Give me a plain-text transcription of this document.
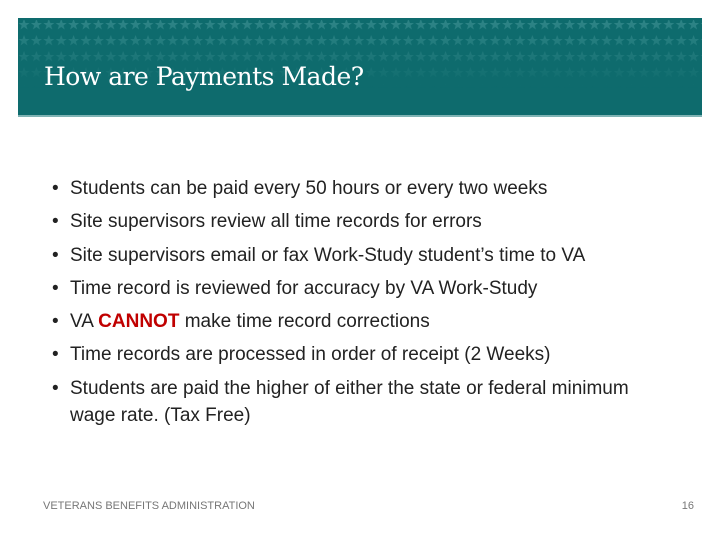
How are Payments Made?
• Students can be paid every 50 hours or every two weeks
• Site supervisors review all time records for errors
• Site supervisors email or fax Work-Study student’s time to VA
• Time record is reviewed for accuracy by VA Work-Study
• VA CANNOT make time record corrections
• Time records are processed in order of receipt (2 Weeks)
• Students are paid the higher of either the state or federal minimum wage rate. (Tax Free)
VETERANS BENEFITS ADMINISTRATION	16
